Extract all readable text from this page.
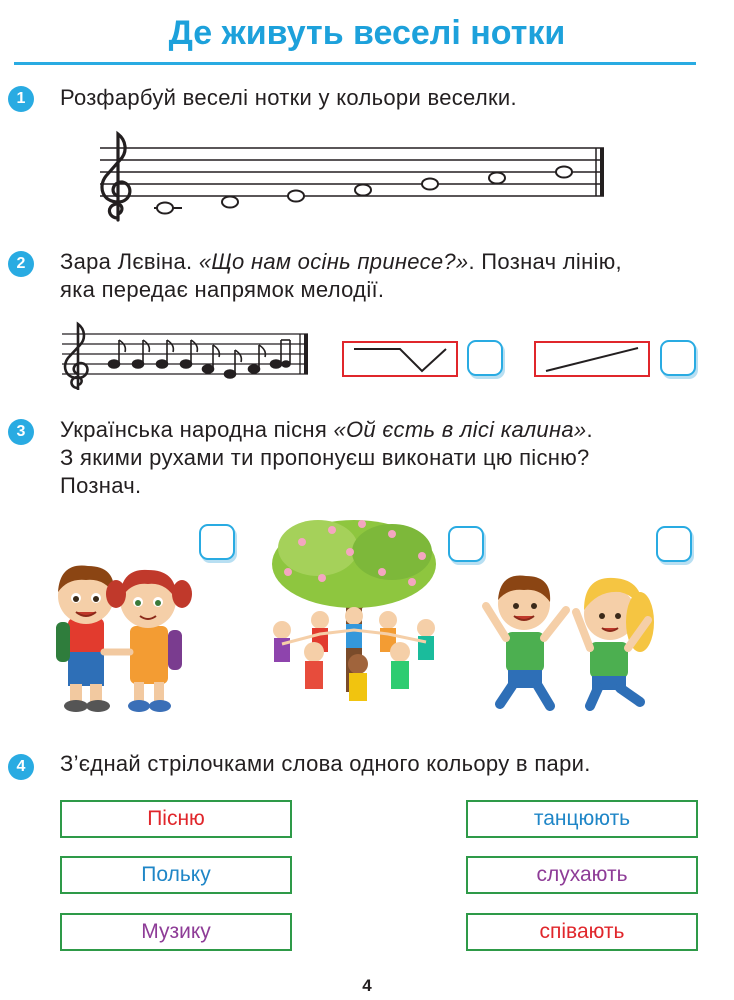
Де живуть веселі нотки
1	Розфарбуй веселі нотки у кольори веселки.
2	Зара Лєвіна. «Що нам осінь принесе?». Познач лінію,
яка передає напрямок мелодії.
3	Українська народна пісня «Ой єсть в лісі калина».
З якими рухами ти пропонуєш виконати цю пісню?
Познач.
4	З’єднай стрілочками слова одного кольору в пари.
Пісню
Польку
Музику
танцюють
слухають
співають
4
